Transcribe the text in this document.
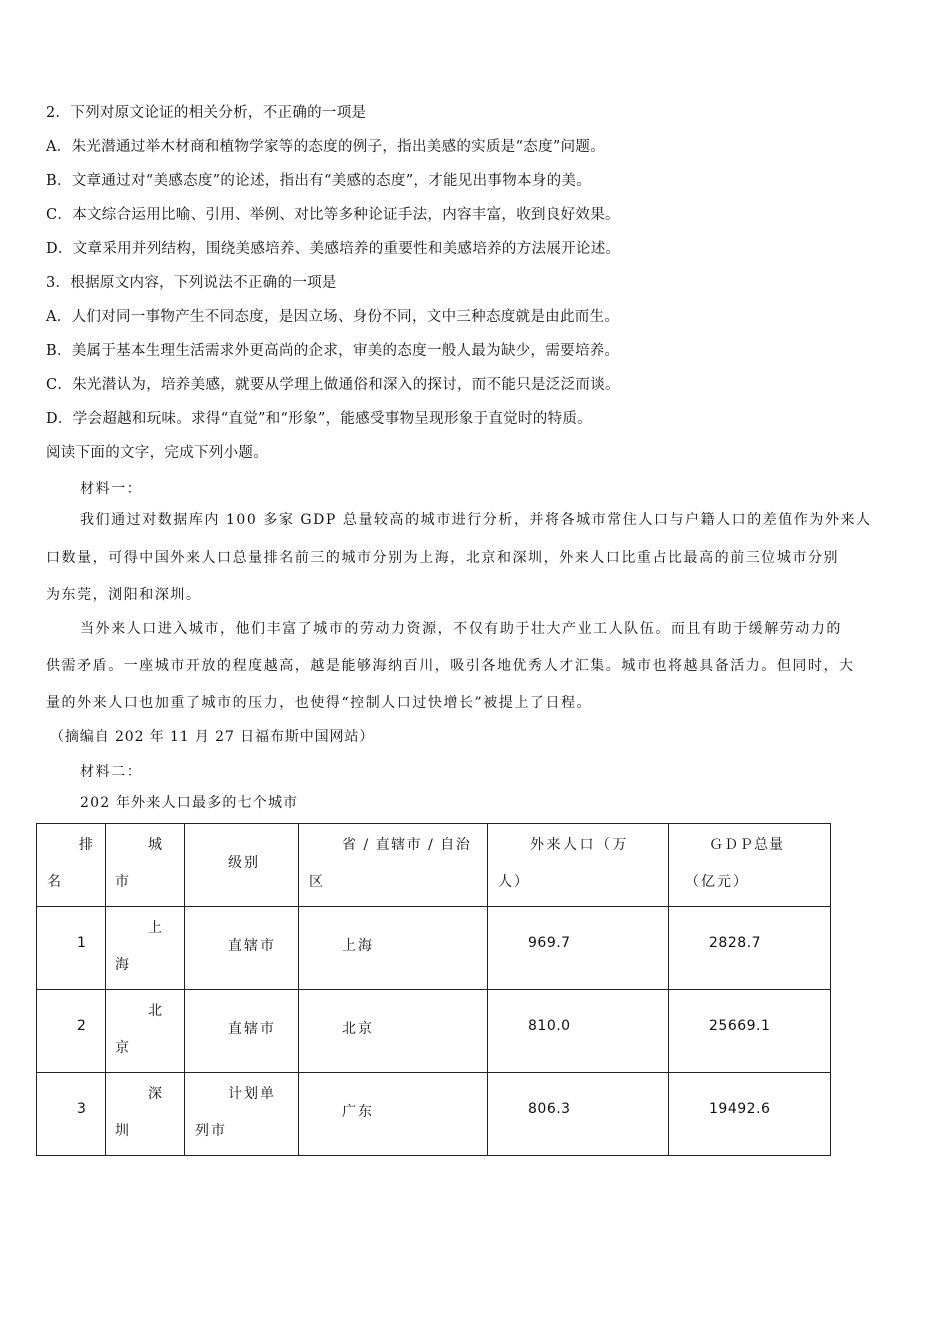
2．下列对原文论证的相关分析，不正确的一项是
A．朱光潜通过举木材商和植物学家等的态度的例子，指出美感的实质是“态度”问题。
B．文章通过对“美感态度”的论述，指出有“美感的态度”，才能见出事物本身的美。
C．本文综合运用比喻、引用、举例、对比等多种论证手法，内容丰富，收到良好效果。
D．文章采用并列结构，围绕美感培养、美感培养的重要性和美感培养的方法展开论述。
3．根据原文内容，下列说法不正确的一项是
A．人们对同一事物产生不同态度，是因立场、身份不同，文中三种态度就是由此而生。
B．美属于基本生理生活需求外更高尚的企求，审美的态度一般人最为缺少，需要培养。
C．朱光潜认为，培养美感，就要从学理上做通俗和深入的探讨，而不能只是泛泛而谈。
D．学会超越和玩味。求得“直觉”和“形象”，能感受事物呈现形象于直觉时的特质。
阅读下面的文字，完成下列小题。
材料一：
我们通过对数据库内 100 多家 GDP 总量较高的城市进行分析，并将各城市常住人口与户籍人口的差值作为外来人
口数量，可得中国外来人口总量排名前三的城市分别为上海，北京和深圳，外来人口比重占比最高的前三位城市分别
为东莞，浏阳和深圳。
当外来人口进入城市，他们丰富了城市的劳动力资源，不仅有助于壮大产业工人队伍。而且有助于缓解劳动力的
供需矛盾。一座城市开放的程度越高，越是能够海纳百川，吸引各地优秀人才汇集。城市也将越具备活力。但同时，大
量的外来人口也加重了城市的压力，也使得“控制人口过快增长”被提上了日程。
（摘编自 202 年 11 月 27 日福布斯中国网站）
材料二：
202 年外来人口最多的七个城市
排
名	城
市	级别	省 / 直辖市 / 自治
区	外来人口（万
人）	ＧＤＰ总量
（亿元）

1	上
海	直辖市	上海	969.7	2828.7

2	北
京	直辖市	北京	810.0	25669.1

3	深
圳	计划单
列市	广东	806.3	19492.6
